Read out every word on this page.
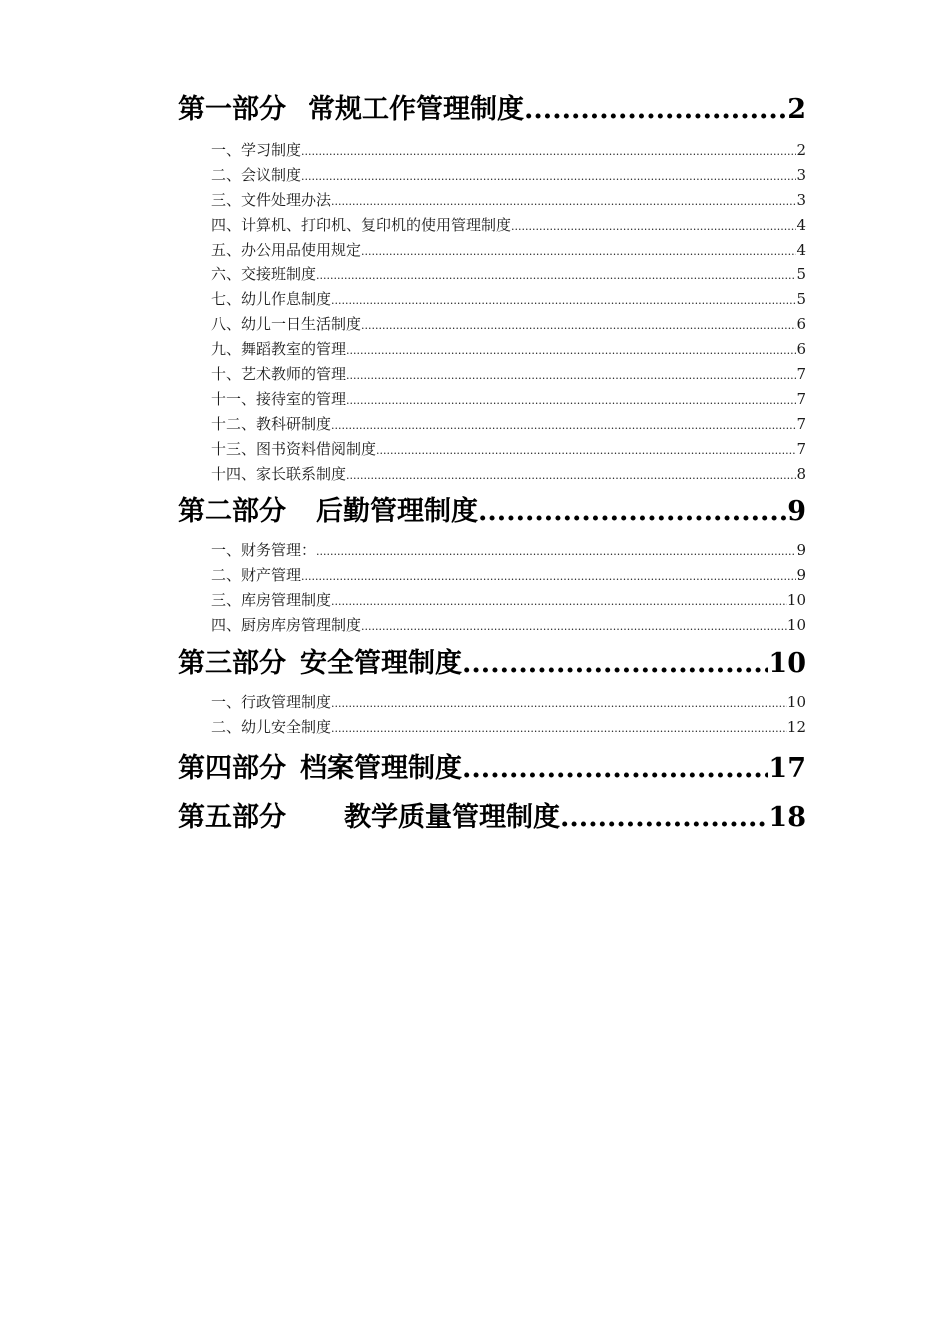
第一部分 常规工作管理制度 .....	2
一、学习制度 .....	2
二、会议制度 .....	3
三、文件处理办法 .....	3
四、计算机、打印机、复印机的使用管理制度 .....	4
五、办公用品使用规定 .....	4
六、交接班制度 .....	5
七、幼儿作息制度 .....	5
八、幼儿一日生活制度 .....	6
九、舞蹈教室的管理 .....	6
十、艺术教师的管理 .....	7
十一、接待室的管理 .....	7
十二、教科研制度 .....	7
十三、图书资料借阅制度 .....	7
十四、家长联系制度 .....	8
第二部分 后勤管理制度 .....	9
一、财务管理： .....	9
二、财产管理 .....	9
三、库房管理制度 .....	10
四、厨房库房管理制度 .....	10
第三部分 安全管理制度 .....	10
一、行政管理制度 .....	10
二、幼儿安全制度 .....	12
第四部分 档案管理制度 .....	17
第五部分 教学质量管理制度 .....	18
